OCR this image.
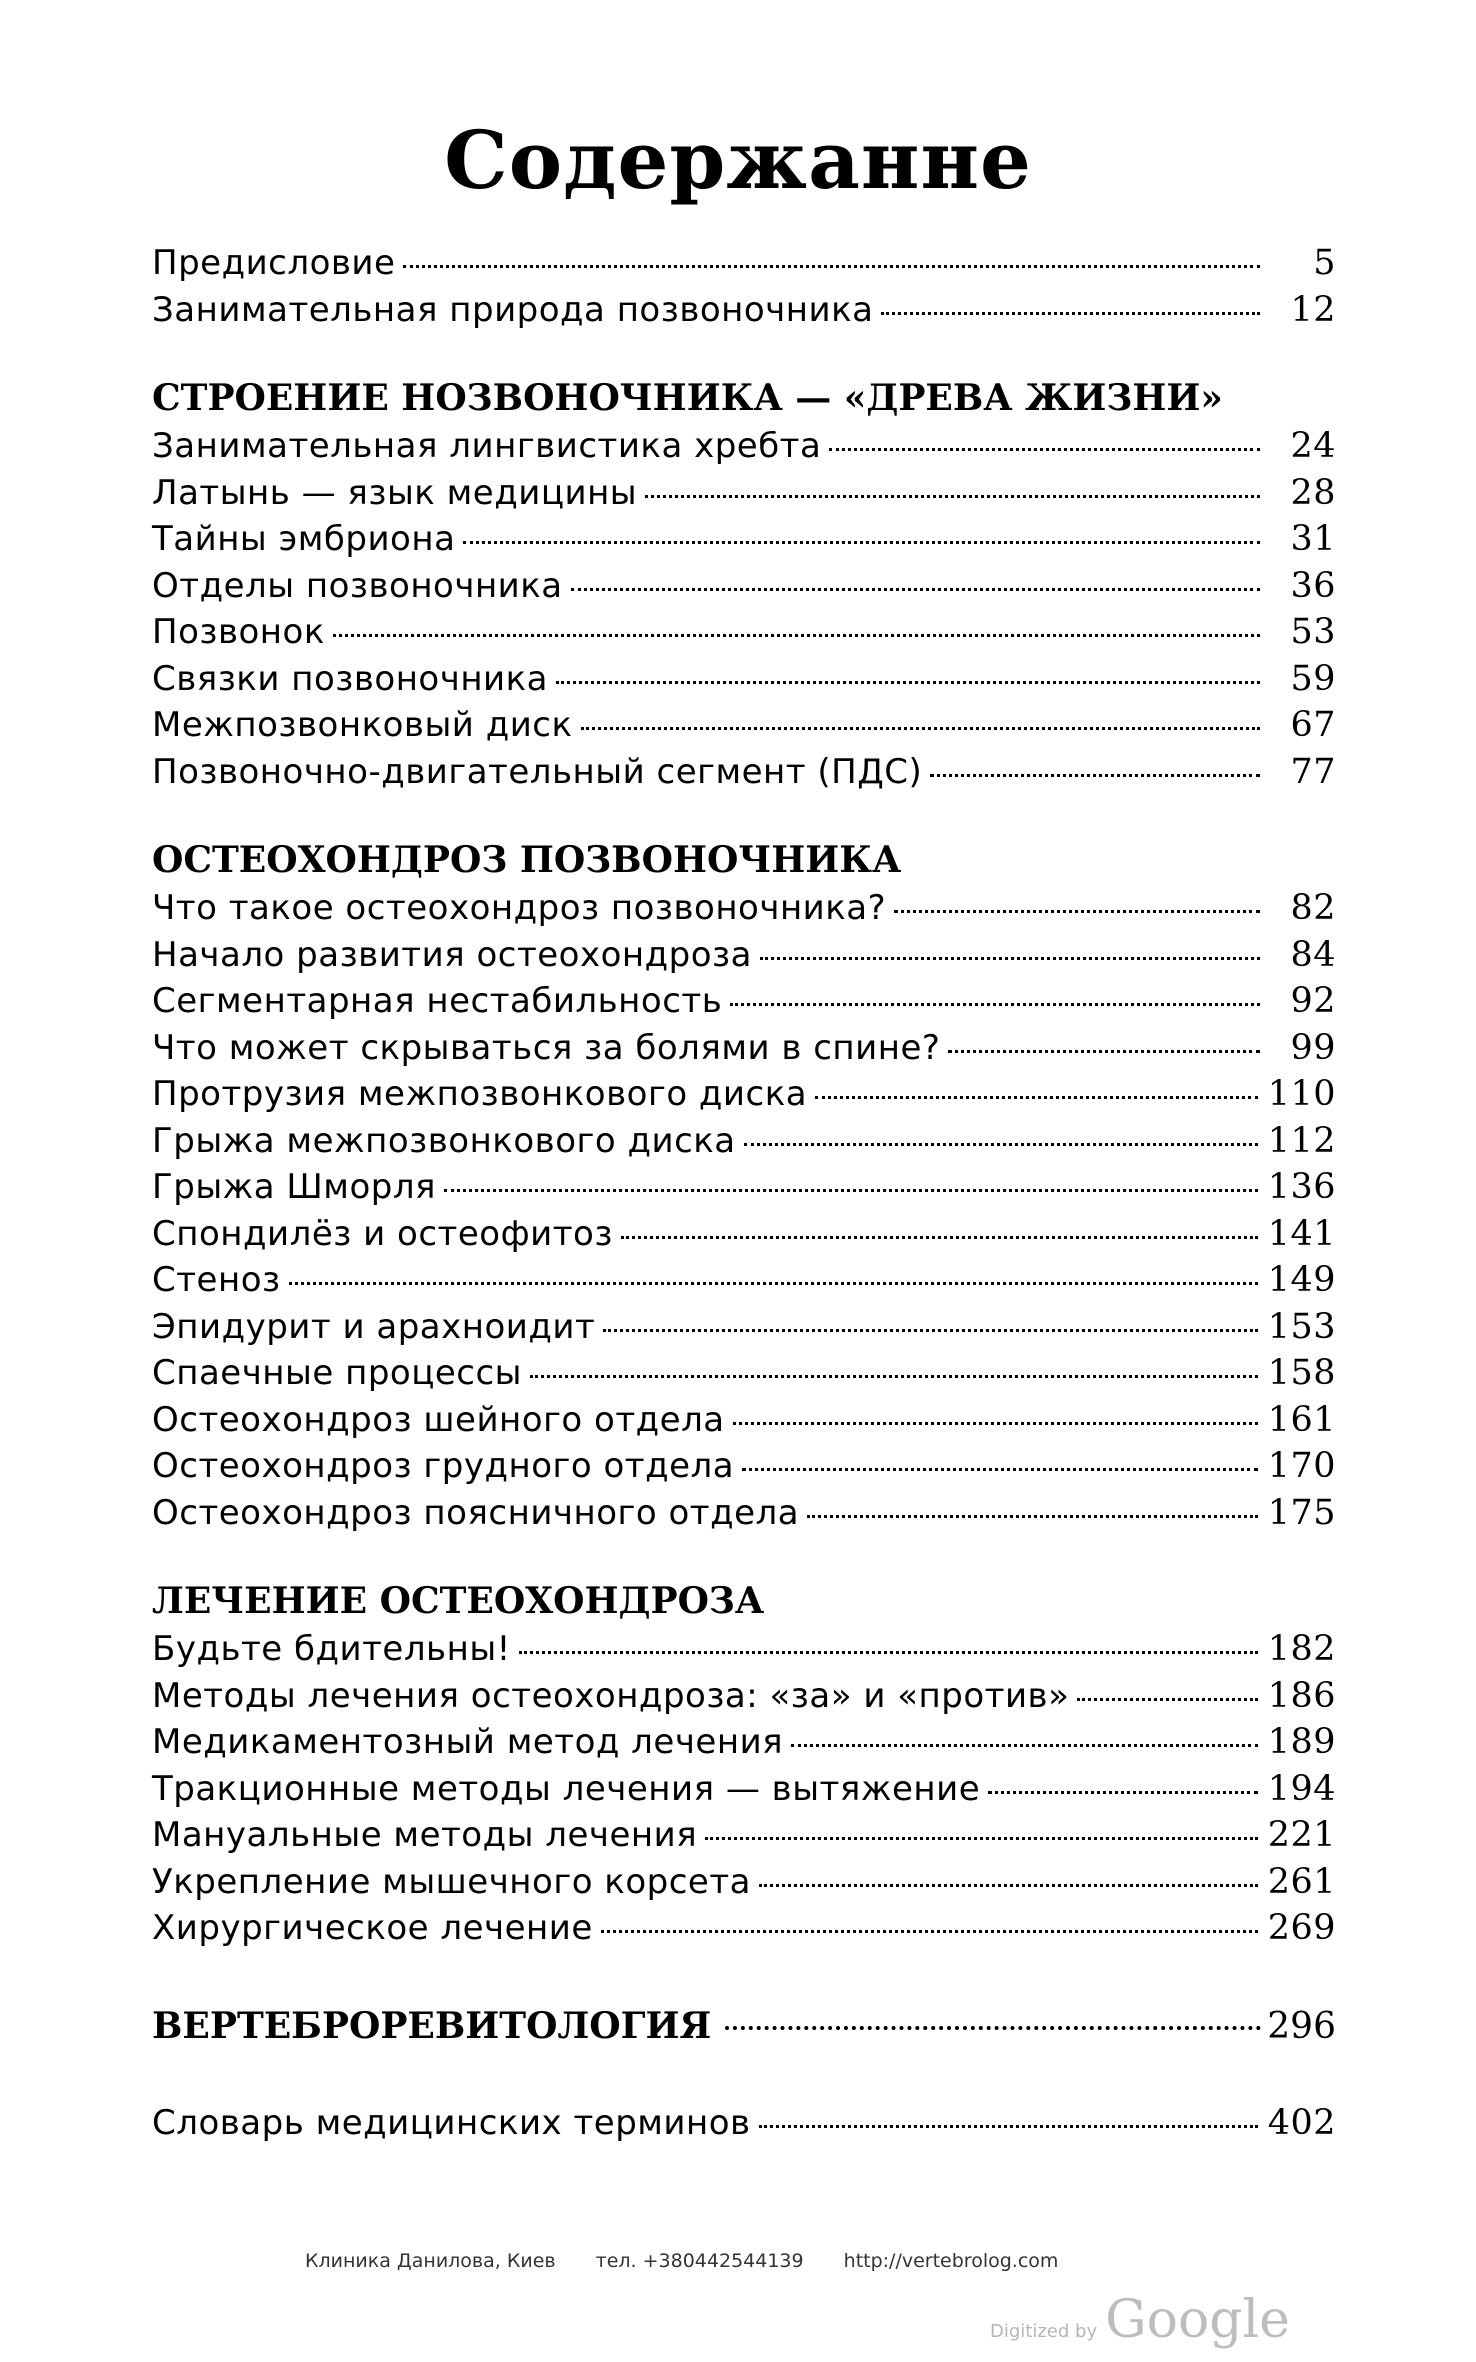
Содержанне
Предисловие	5
Занимательная природа позвоночника	12
СТРОЕНИЕ НОЗВОНОЧНИКА — «ДРЕВА ЖИЗНИ»
Занимательная лингвистика хребта	24
Латынь — язык медицины	28
Тайны эмбриона	31
Отделы позвоночника	36
Позвонок	53
Связки позвоночника	59
Межпозвонковый диск	67
Позвоночно-двигательный сегмент (ПДС)	77
ОСТЕОХОНДРОЗ ПОЗВОНОЧНИКА
Что такое остеохондроз позвоночника?	82
Начало развития остеохондроза	84
Сегментарная нестабильность	92
Что может скрываться за болями в спине?	99
Протрузия межпозвонкового диска	110
Грыжа межпозвонкового диска	112
Грыжа Шморля	136
Спондилёз и остеофитоз	141
Стеноз	149
Эпидурит и арахноидит	153
Спаечные процессы	158
Остеохондроз шейного отдела	161
Остеохондроз грудного отдела	170
Остеохондроз поясничного отдела	175
ЛЕЧЕНИЕ ОСТЕОХОНДРОЗА
Будьте бдительны!	182
Методы лечения остеохондроза: «за» и «против»	186
Медикаментозный метод лечения	189
Тракционные методы лечения — вытяжение	194
Мануальные методы лечения	221
Укрепление мышечного корсета	261
Хирургическое лечение	269
ВЕРТЕБРОРЕВИТОЛОГИЯ	296
Словарь медицинских терминов	402
Клиника Данилова, Киев тел. +380442544139 http://vertebrolog.com
Digitized by Google
